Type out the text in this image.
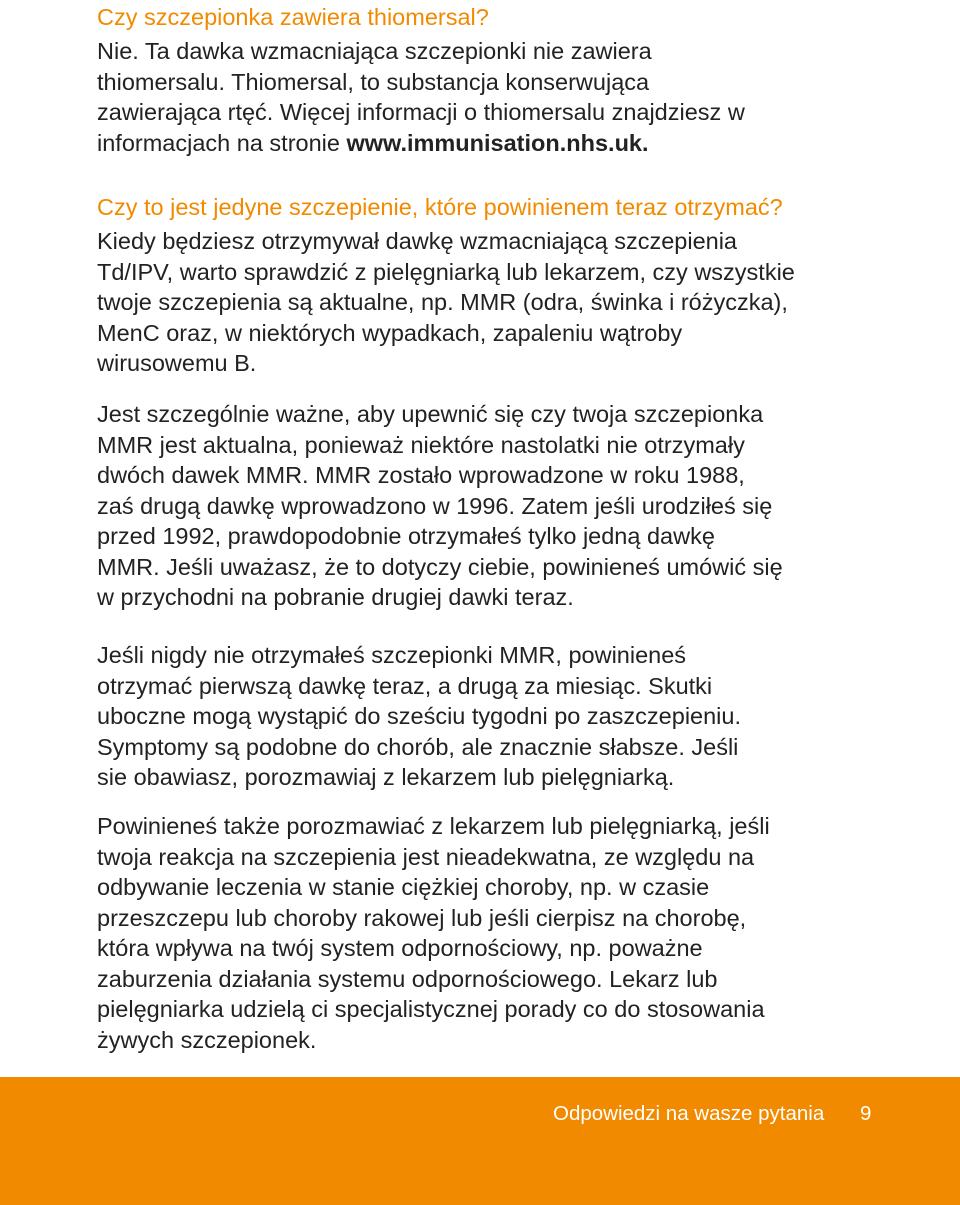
Czy szczepionka zawiera thiomersal?

Nie. Ta dawka wzmacniająca szczepionki nie zawiera
thiomersalu. Thiomersal, to substancja konserwująca
zawierająca rtęć. Więcej informacji o thiomersalu znajdziesz w
informacjach na stronie www.immunisation.nhs.uk.

Czy to jest jedyne szczepienie, które powinienem teraz otrzymać?

Kiedy będziesz otrzymywał dawkę wzmacniającą szczepienia
Td/IPV, warto sprawdzić z pielęgniarką lub lekarzem, czy wszystkie
twoje szczepienia są aktualne, np. MMR (odra, świnka i różyczka),
MenC oraz, w niektórych wypadkach, zapaleniu wątroby
wirusowemu B.

Jest szczególnie ważne, aby upewnić się czy twoja szczepionka
MMR jest aktualna, ponieważ niektóre nastolatki nie otrzymały
dwóch dawek MMR. MMR zostało wprowadzone w roku 1988,
zaś drugą dawkę wprowadzono w 1996. Zatem jeśli urodziłeś się
przed 1992, prawdopodobnie otrzymałeś tylko jedną dawkę
MMR. Jeśli uważasz, że to dotyczy ciebie, powinieneś umówić się
w przychodni na pobranie drugiej dawki teraz.

Jeśli nigdy nie otrzymałeś szczepionki MMR, powinieneś
otrzymać pierwszą dawkę teraz, a drugą za miesiąc. Skutki
uboczne mogą wystąpić do sześciu tygodni po zaszczepieniu.
Symptomy są podobne do chorób, ale znacznie słabsze. Jeśli
sie obawiasz, porozmawiaj z lekarzem lub pielęgniarką.

Powinieneś także porozmawiać z lekarzem lub pielęgniarką, jeśli
twoja reakcja na szczepienia jest nieadekwatna, ze względu na
odbywanie leczenia w stanie ciężkiej choroby, np. w czasie
przeszczepu lub choroby rakowej lub jeśli cierpisz na chorobę,
która wpływa na twój system odpornościowy, np. poważne
zaburzenia działania systemu odpornościowego. Lekarz lub
pielęgniarka udzielą ci specjalistycznej porady co do stosowania
żywych szczepionek.

Odpowiedzi na wasze pytania 9
